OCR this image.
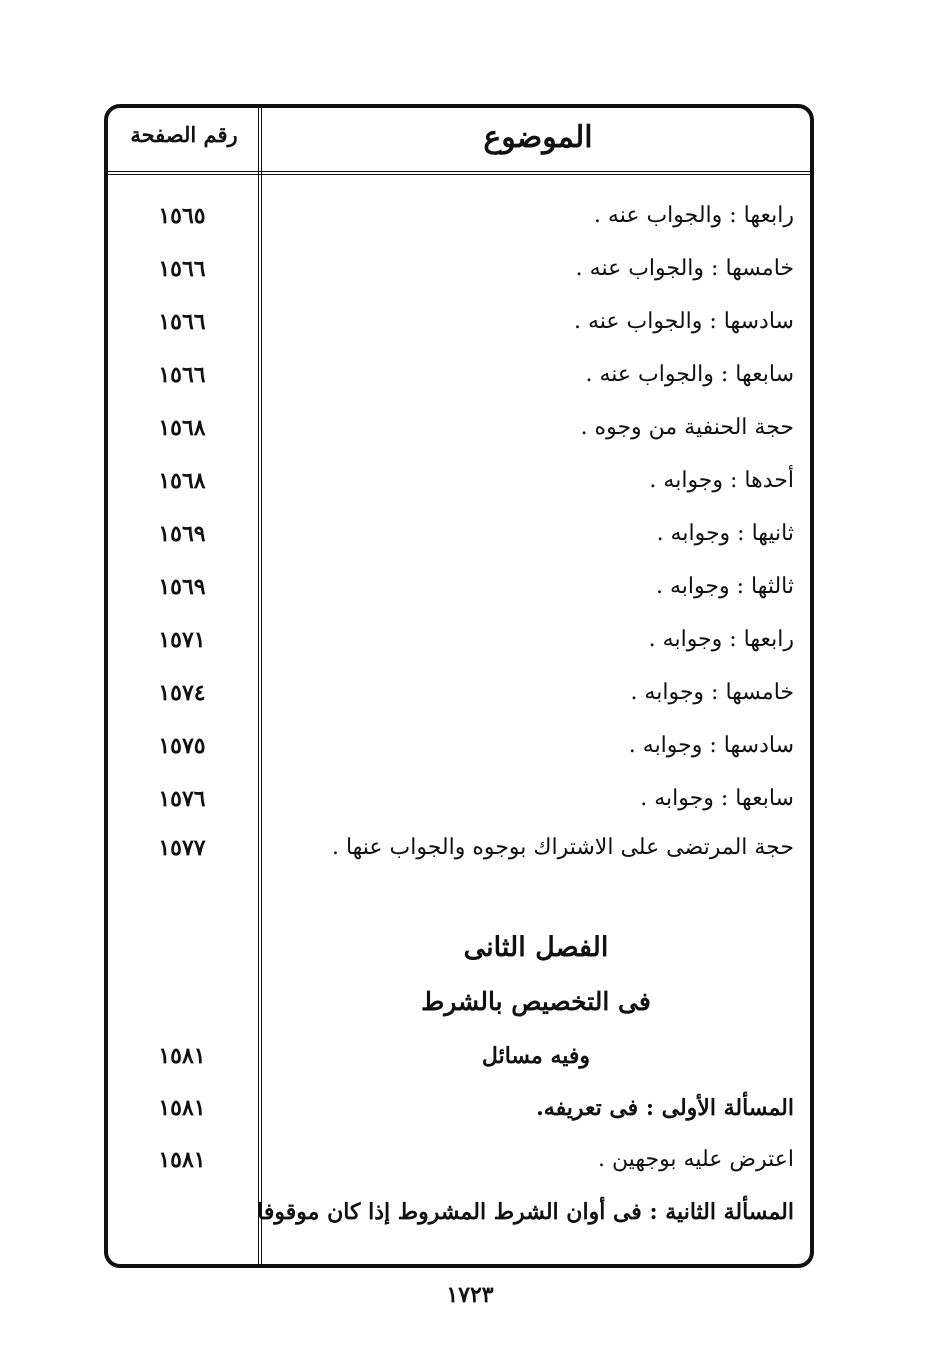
الموضوع
رقم الصفحة
رابعها : والجواب عنه .
١٥٦٥
خامسها : والجواب عنه .
١٥٦٦
سادسها : والجواب عنه .
١٥٦٦
سابعها : والجواب عنه .
١٥٦٦
حجة الحنفية من وجوه .
١٥٦٨
أحدها : وجوابه .
١٥٦٨
ثانيها : وجوابه .
١٥٦٩
ثالثها : وجوابه .
١٥٦٩
رابعها : وجوابه .
١٥٧١
خامسها : وجوابه .
١٥٧٤
سادسها : وجوابه .
١٥٧٥
سابعها : وجوابه .
١٥٧٦
حجة المرتضى على الاشتراك بوجوه والجواب عنها .
١٥٧٧
الفصل الثانى
فى التخصيص بالشرط
وفيه مسائل
١٥٨١
المسألة الأولى : فى تعريفه.
١٥٨١
اعترض عليه بوجهين .
١٥٨١
المسألة الثانية : فى أوان الشرط المشروط إذا كان موقوفا
١٧٢٣
